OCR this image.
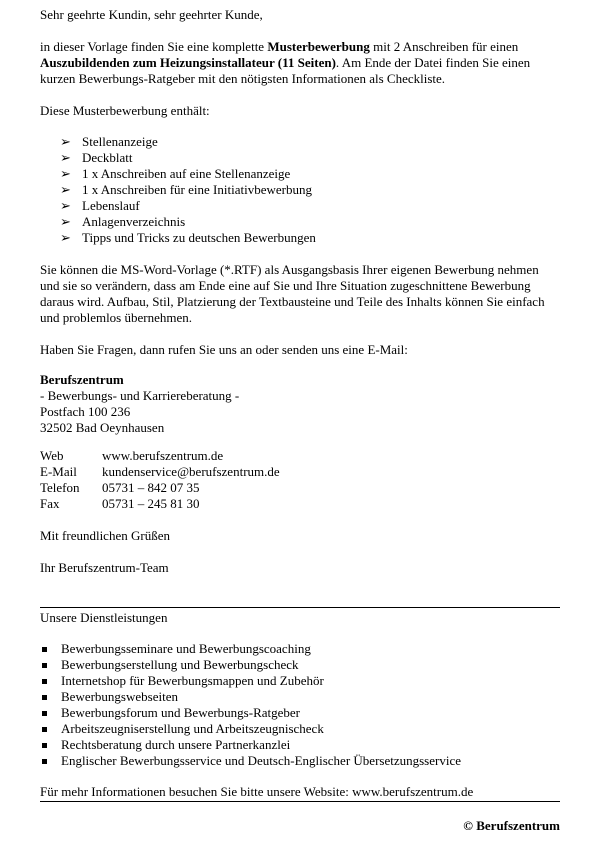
Sehr geehrte Kundin, sehr geehrter Kunde,

in dieser Vorlage finden Sie eine komplette Musterbewerbung mit 2 Anschreiben für einen Auszubildenden zum Heizungsinstallateur (11 Seiten). Am Ende der Datei finden Sie einen kurzen Bewerbungs-Ratgeber mit den nötigsten Informationen als Checkliste.

Diese Musterbewerbung enthält:

➢ Stellenanzeige
➢ Deckblatt
➢ 1 x Anschreiben auf eine Stellenanzeige
➢ 1 x Anschreiben für eine Initiativbewerbung
➢ Lebenslauf
➢ Anlagenverzeichnis
➢ Tipps und Tricks zu deutschen Bewerbungen

Sie können die MS-Word-Vorlage (*.RTF) als Ausgangsbasis Ihrer eigenen Bewerbung nehmen und sie so verändern, dass am Ende eine auf Sie und Ihre Situation zugeschnittene Bewerbung daraus wird. Aufbau, Stil, Platzierung der Textbausteine und Teile des Inhalts können Sie einfach und problemlos übernehmen.

Haben Sie Fragen, dann rufen Sie uns an oder senden uns eine E-Mail:

Berufszentrum

- Bewerbungs- und Karriereberatung -

Postfach 100 236

32502 Bad Oeynhausen

Web	www.berufszentrum.de
E-Mail	kundenservice@berufszentrum.de
Telefon	05731 – 842 07 35
Fax	05731 – 245 81 30

Mit freundlichen Grüßen

Ihr Berufszentrum-Team

Unsere Dienstleistungen

Bewerbungsseminare und Bewerbungscoaching
Bewerbungserstellung und Bewerbungscheck
Internetshop für Bewerbungsmappen und Zubehör
Bewerbungswebseiten
Bewerbungsforum und Bewerbungs-Ratgeber
Arbeitszeugniserstellung und Arbeitszeugnischeck
Rechtsberatung durch unsere Partnerkanzlei
Englischer Bewerbungsservice und Deutsch-Englischer Übersetzungsservice

Für mehr Informationen besuchen Sie bitte unsere Website: www.berufszentrum.de

© Berufszentrum
